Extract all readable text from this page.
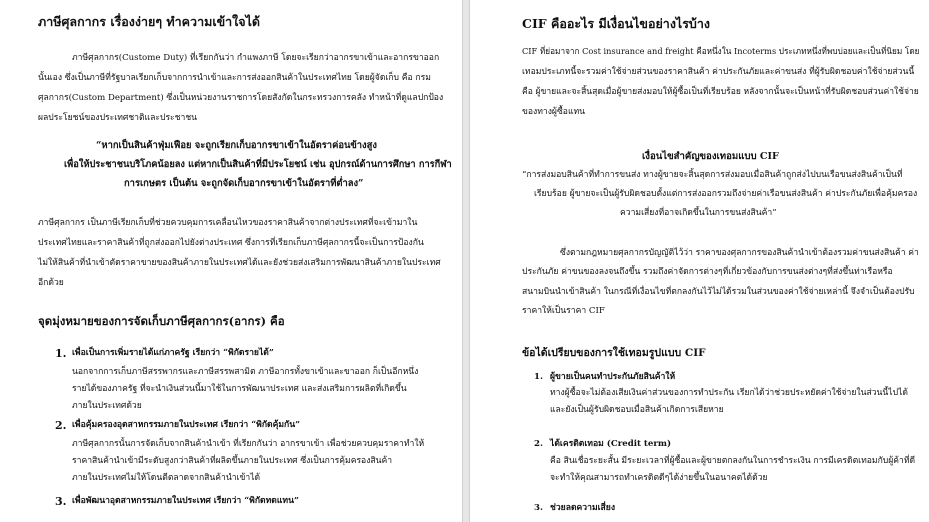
ภาษีศุลกากร เรื่องง่ายๆ ทำความเข้าใจได้
ภาษีศุลกากร(Custome Duty) ที่เรียกกันว่า กำแพงภาษี โดยจะเรียกว่าอากรขาเข้าและอากรขาออก
นั้นเอง ซึ่งเป็นภาษีที่รัฐบาลเรียกเก็บจากการนำเข้าและการส่งออกสินค้าในประเทศไทย โดยผู้จัดเก็บ คือ กรม
ศุลกากร(Custom Department) ซึ่งเป็นหน่วยงานราชการโดยสังกัดในกระทรวงการคลัง ทำหน้าที่ดูแลปกป้อง
ผลประโยชน์ของประเทศชาติและประชาชน
“หากเป็นสินค้าฟุ่มเฟือย จะถูกเรียกเก็บอากรขาเข้าในอัตราค่อนข้างสูง
เพื่อให้ประชาชนบริโภคน้อยลง แต่หากเป็นสินค้าที่มีประโยชน์ เช่น อุปกรณ์ด้านการศึกษา การกีฬา
การเกษตร เป็นต้น จะถูกจัดเก็บอากรขาเข้าในอัตราที่ต่ำลง”
ภาษีศุลกากร เป็นภาษีเรียกเก็บที่ช่วยควบคุมการเคลื่อนไหวของราคาสินค้าจากต่างประเทศที่จะเข้ามาใน
ประเทศไทยและราคาสินค้าที่ถูกส่งออกไปยังต่างประเทศ ซึ่งการที่เรียกเก็บภาษีศุลกากรนี้จะเป็นการป้องกัน
ไม่ให้สินค้าที่นำเข้าตัดราคาขายของสินค้าภายในประเทศได้และยังช่วยส่งเสริมการพัฒนาสินค้าภายในประเทศ
อีกด้วย
จุดมุ่งหมายของการจัดเก็บภาษีศุลกากร(อากร) คือ
1. เพื่อเป็นการเพิ่มรายได้แก่ภาครัฐ เรียกว่า “พิกัดรายได้”
นอกจากการเก็บภาษีสรรพากรและภาษีสรรพสามิต ภาษีอากรทั้งขาเข้าและขาออก ก็เป็นอีกหนึ่ง
รายได้ของภาครัฐ ที่จะนำเงินส่วนนี้มาใช้ในการพัฒนาประเทศ และส่งเสริมการผลิตที่เกิดขึ้น
ภายในประเทศด้วย
2. เพื่อคุ้มครองอุตสาหกรรมภายในประเทศ เรียกว่า “พิกัดคุ้มกัน”
ภาษีศุลกากรนั้นการจัดเก็บจากสินค้านำเข้า ที่เรียกกันว่า อากรขาเข้า เพื่อช่วยควบคุมราคาทำให้
ราคาสินค้านำเข้ามีระดับสูงกว่าสินค้าที่ผลิตขึ้นภายในประเทศ ซึ่งเป็นการคุ้มครองสินค้า
ภายในประเทศไม่ให้โดนตีตลาดจากสินค้านำเข้าได้
3. เพื่อพัฒนาอุตสาหกรรมภายในประเทศ เรียกว่า “พิกัดทดแทน”
CIF คืออะไร มีเงื่อนไขอย่างไรบ้าง
CIF ที่ย่อมาจาก Cost insurance and freight คือหนึ่งใน Incoterms ประเภทหนึ่งที่พบบ่อยและเป็นที่นิยม โดย
เทอมประเภทนี้จะรวมค่าใช้จ่ายส่วนของราคาสินค้า ค่าประกันภัยและค่าขนส่ง ที่ผู้รับผิดชอบค่าใช้จ่ายส่วนนี้
คือ ผู้ขายและจะสิ้นสุดเมื่อผู้ขายส่งมอบให้ผู้ซื้อเป็นที่เรียบร้อย หลังจากนั้นจะเป็นหน้าที่รับผิดชอบส่วนค่าใช้จ่าย
ของทางผู้ซื้อแทน
เงื่อนไขสำคัญของเทอมแบบ CIF
“การส่งมอบสินค้าที่ทำการขนส่ง ทางผู้ขายจะสิ้นสุดการส่งมอบเมื่อสินค้าถูกส่งไปบนเรือขนส่งสินค้าเป็นที่
เรียบร้อย ผู้ขายจะเป็นผู้รับผิดชอบตั้งแต่การส่งออกรวมถึงจ่ายค่าเรือขนส่งสินค้า ค่าประกันภัยเพื่อคุ้มครอง
ความเสี่ยงที่อาจเกิดขึ้นในการขนส่งสินค้า”
ซึ่งตามกฎหมายศุลกากรบัญญัติไว้ว่า ราคาของศุลกากรของสินค้านำเข้าต้องรวมค่าขนส่งสินค้า ค่า
ประกันภัย ค่าขนของลงจนถึงขึ้น รวมถึงค่าจัดการต่างๆที่เกี่ยวข้องกับการขนส่งต่างๆที่ส่งขึ้นท่าเรือหรือ
สนามบินนำเข้าสินค้า ในกรณีที่เงื่อนไขที่ตกลงกันไว้ไม่ได้รวมในส่วนของค่าใช้จ่ายเหล่านี้ จึงจำเป็นต้องปรับ
ราคาให้เป็นราคา CIF
ข้อได้เปรียบของการใช้เทอมรูปแบบ CIF
1. ผู้ขายเป็นคนทำประกันภัยสินค้าให้
ทางผู้ซื้อจะไม่ต้องเสียเงินค่าส่วนของการทำประกัน เรียกได้ว่าช่วยประหยัดค่าใช้จ่ายในส่วนนี้ไปได้
และยังเป็นผู้รับผิดชอบเมื่อสินค้าเกิดการเสียหาย
2. ได้เครดิตเทอม (Credit term)
คือ สินเชื่อระยะสั้น มีระยะเวลาที่ผู้ซื้อและผู้ขายตกลงกันในการชำระเงิน การมีเครดิตเทอมกับผู้ค้าที่ดี
จะทำให้คุณสามารถทำเครดิตดีๆได้ง่ายขึ้นในอนาคตได้ด้วย
3. ช่วยลดความเสี่ยง
